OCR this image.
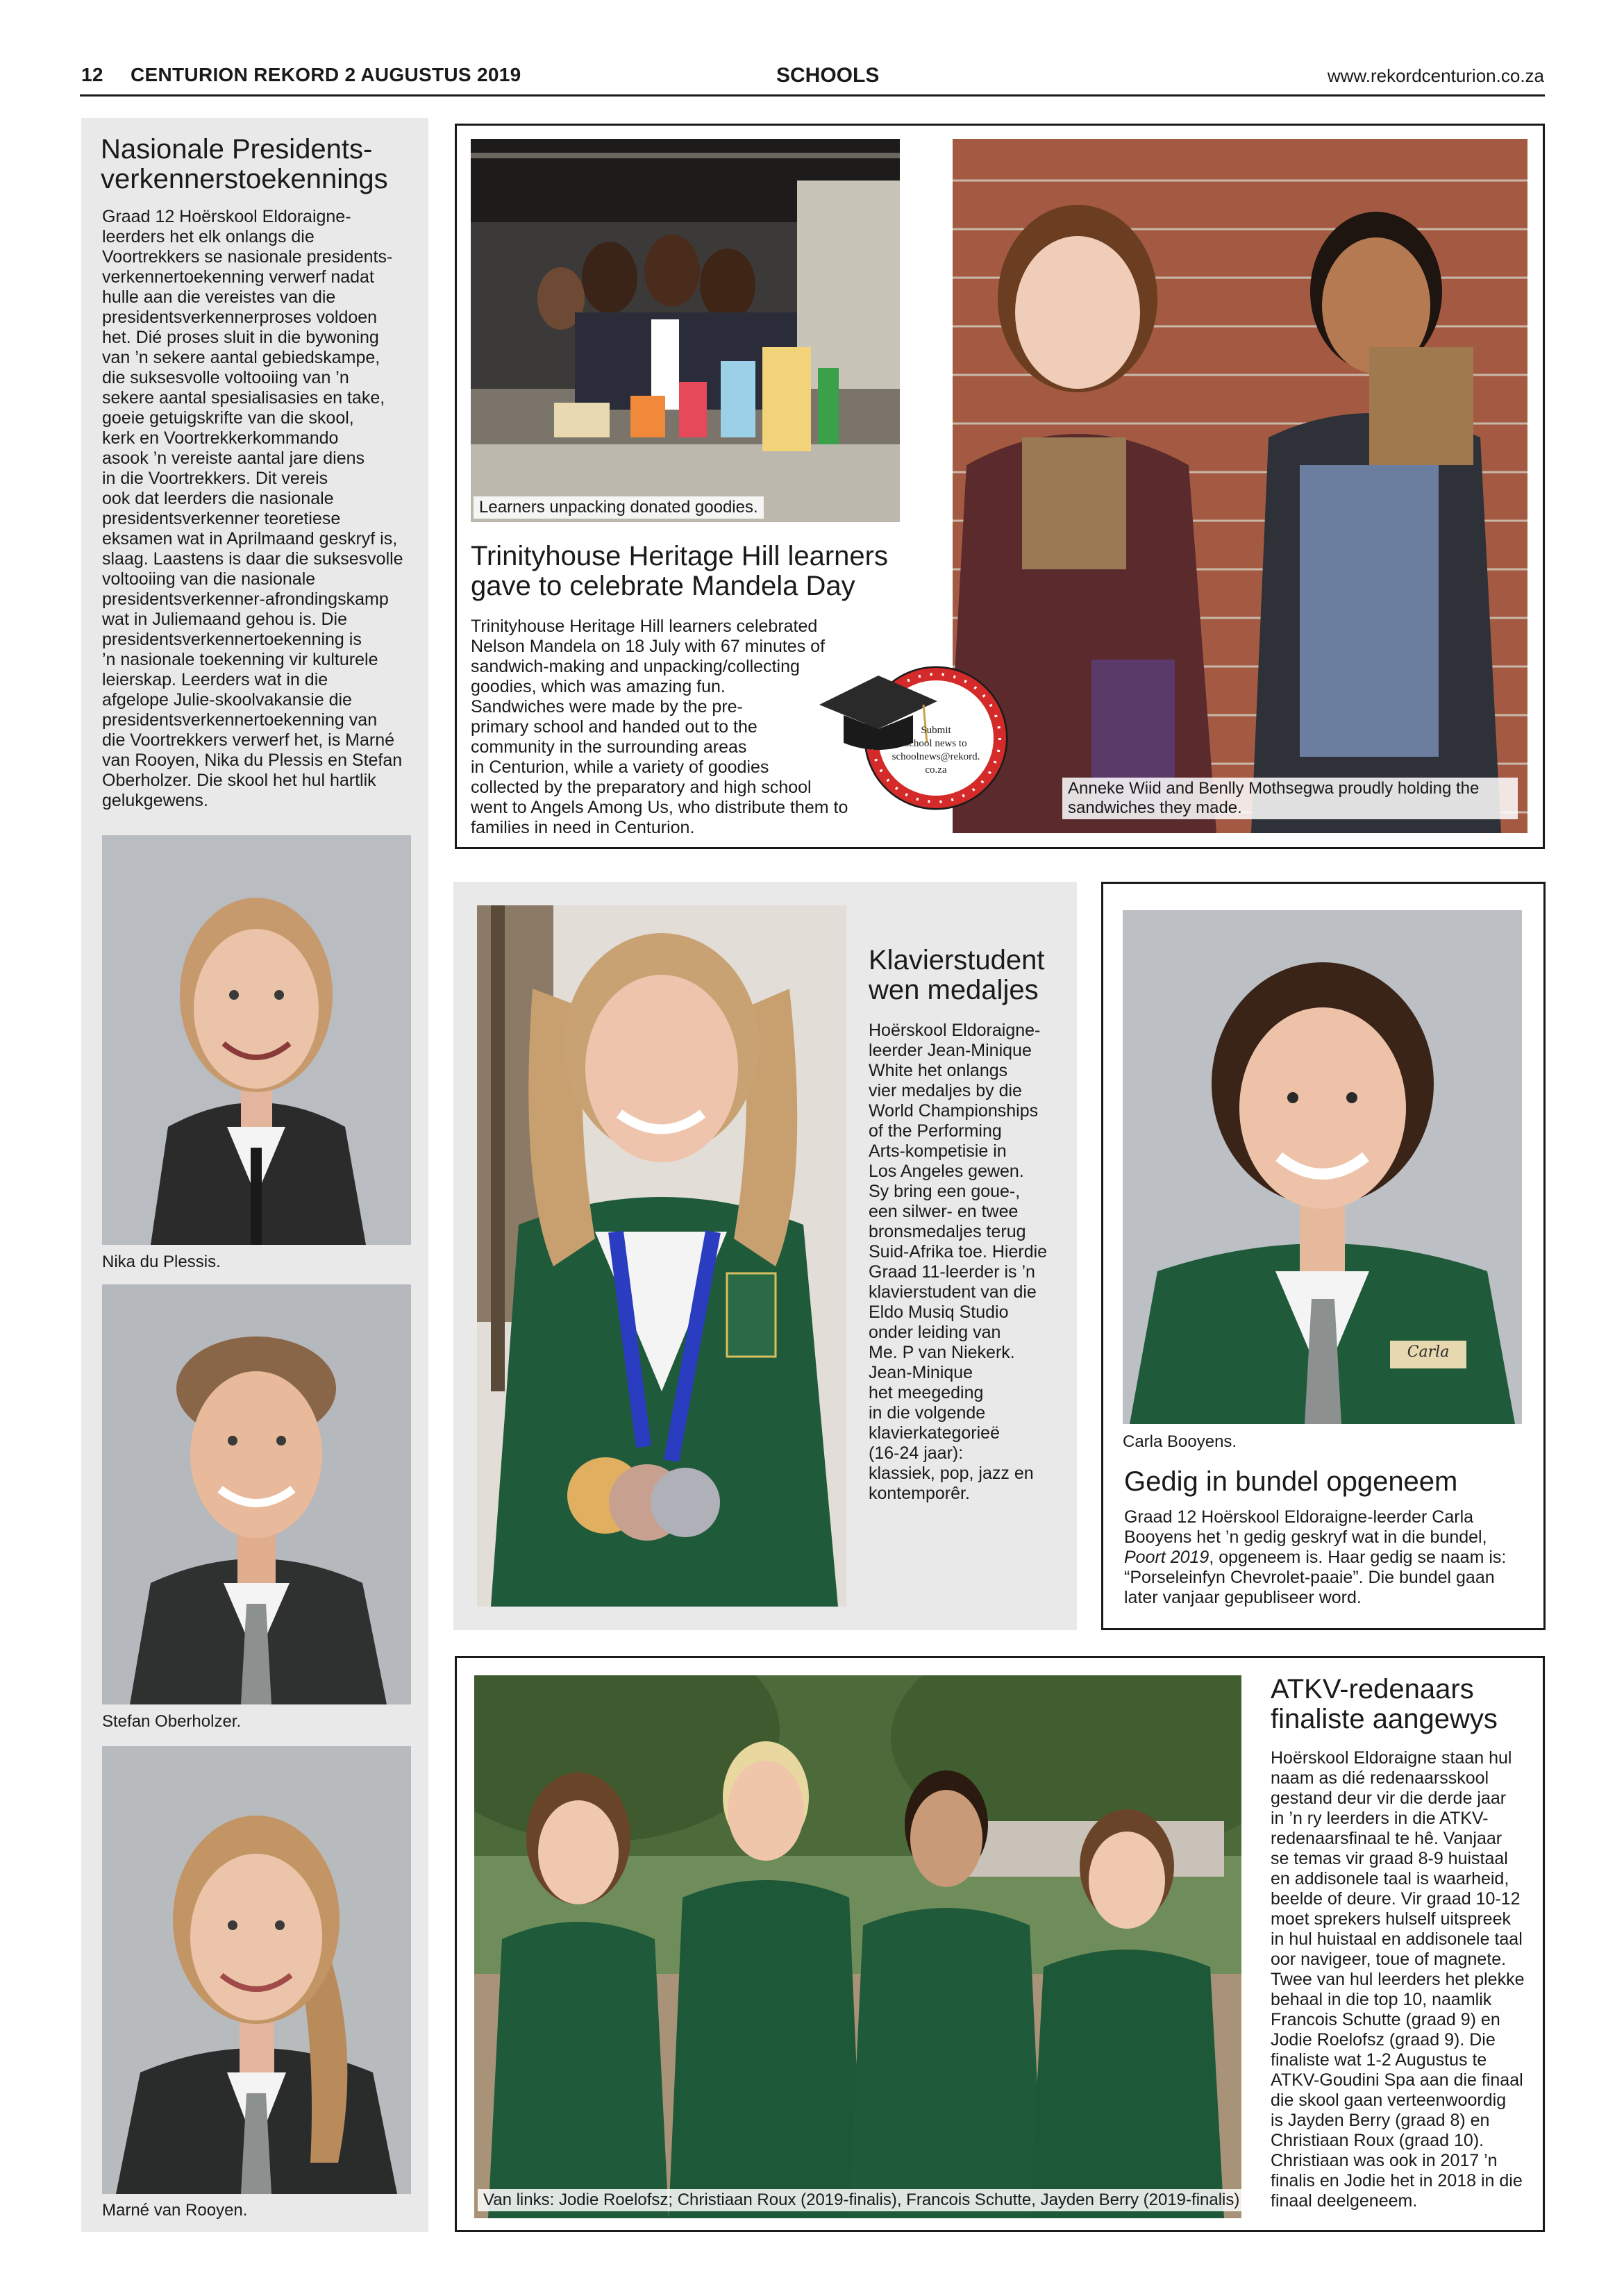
12 CENTURION REKORD 2 AUGUSTUS 2019	SCHOOLS	www.rekordcenturion.co.za
Nasionale Presidents-
verkennerstoekennings
Graad 12 Hoërskool Eldoraigne-
leerders het elk onlangs die
Voortrekkers se nasionale presidents-
verkennertoekenning verwerf nadat
hulle aan die vereistes van die
presidentsverkennerproses voldoen
het. Dié proses sluit in die bywoning
van ’n sekere aantal gebiedskampe,
die suksesvolle voltooiing van ’n
sekere aantal spesialisasies en take,
goeie getuigskrifte van die skool,
kerk en Voortrekkerkommando
asook ’n vereiste aantal jare diens
in die Voortrekkers. Dit vereis
ook dat leerders die nasionale
presidentsverkenner teoretiese
eksamen wat in Aprilmaand geskryf is,
slaag. Laastens is daar die suksesvolle
voltooiing van die nasionale
presidentsverkenner-afrondingskamp
wat in Juliemaand gehou is. Die
presidentsverkennertoekenning is
’n nasionale toekenning vir kulturele
leierskap. Leerders wat in die
afgelope Julie-skoolvakansie die
presidentsverkennertoekenning van
die Voortrekkers verwerf het, is Marné
van Rooyen, Nika du Plessis en Stefan
Oberholzer. Die skool het hul hartlik
gelukgewens.
Nika du Plessis.
Stefan Oberholzer.
Marné van Rooyen.
Learners unpacking donated goodies.
Anneke Wiid and Benlly Mothsegwa proudly holding the
sandwiches they made.
Trinityhouse Heritage Hill learners
gave to celebrate Mandela Day
Trinityhouse Heritage Hill learners celebrated
Nelson Mandela on 18 July with 67 minutes of
sandwich-making and unpacking/collecting
goodies, which was amazing fun.
Sandwiches were made by the pre-
primary school and handed out to the
community in the surrounding areas
in Centurion, while a variety of goodies
collected by the preparatory and high school
went to Angels Among Us, who distribute them to
families in need in Centurion.
Submit
school news to
schoolnews@rekord.
co.za
Klavierstudent
wen medaljes
Hoërskool Eldoraigne-
leerder Jean-Minique
White het onlangs
vier medaljes by die
World Championships
of the Performing
Arts-kompetisie in
Los Angeles gewen.
Sy bring een goue-,
een silwer- en twee
bronsmedaljes terug
Suid-Afrika toe. Hierdie
Graad 11-leerder is ’n
klavierstudent van die
Eldo Musiq Studio
onder leiding van
Me. P van Niekerk.
Jean-Minique
het meegeding
in die volgende
klavierkategorieë
(16-24 jaar):
klassiek, pop, jazz en
kontemporêr.
Carla
Carla Booyens.
Gedig in bundel opgeneem
Graad 12 Hoërskool Eldoraigne-leerder Carla Booyens het ’n gedig geskryf wat in die bundel, Poort 2019, opgeneem is. Haar gedig se naam is: “Porseleinfyn Chevrolet-paaie”. Die bundel gaan later vanjaar gepubliseer word.
Van links: Jodie Roelofsz; Christiaan Roux (2019-finalis), Francois Schutte, Jayden Berry (2019-finalis)
ATKV-redenaars
finaliste aangewys
Hoërskool Eldoraigne staan hul
naam as dié redenaarsskool
gestand deur vir die derde jaar
in ’n ry leerders in die ATKV-
redenaarsfinaal te hê. Vanjaar
se temas vir graad 8-9 huistaal
en addisonele taal is waarheid,
beelde of deure. Vir graad 10-12
moet sprekers hulself uitspreek
in hul huistaal en addisonele taal
oor navigeer, toue of magnete.
Twee van hul leerders het plekke
behaal in die top 10, naamlik
Francois Schutte (graad 9) en
Jodie Roelofsz (graad 9). Die
finaliste wat 1-2 Augustus te
ATKV-Goudini Spa aan die finaal
die skool gaan verteenwoordig
is Jayden Berry (graad 8) en
Christiaan Roux (graad 10).
Christiaan was ook in 2017 ’n
finalis en Jodie het in 2018 in die
finaal deelgeneem.
